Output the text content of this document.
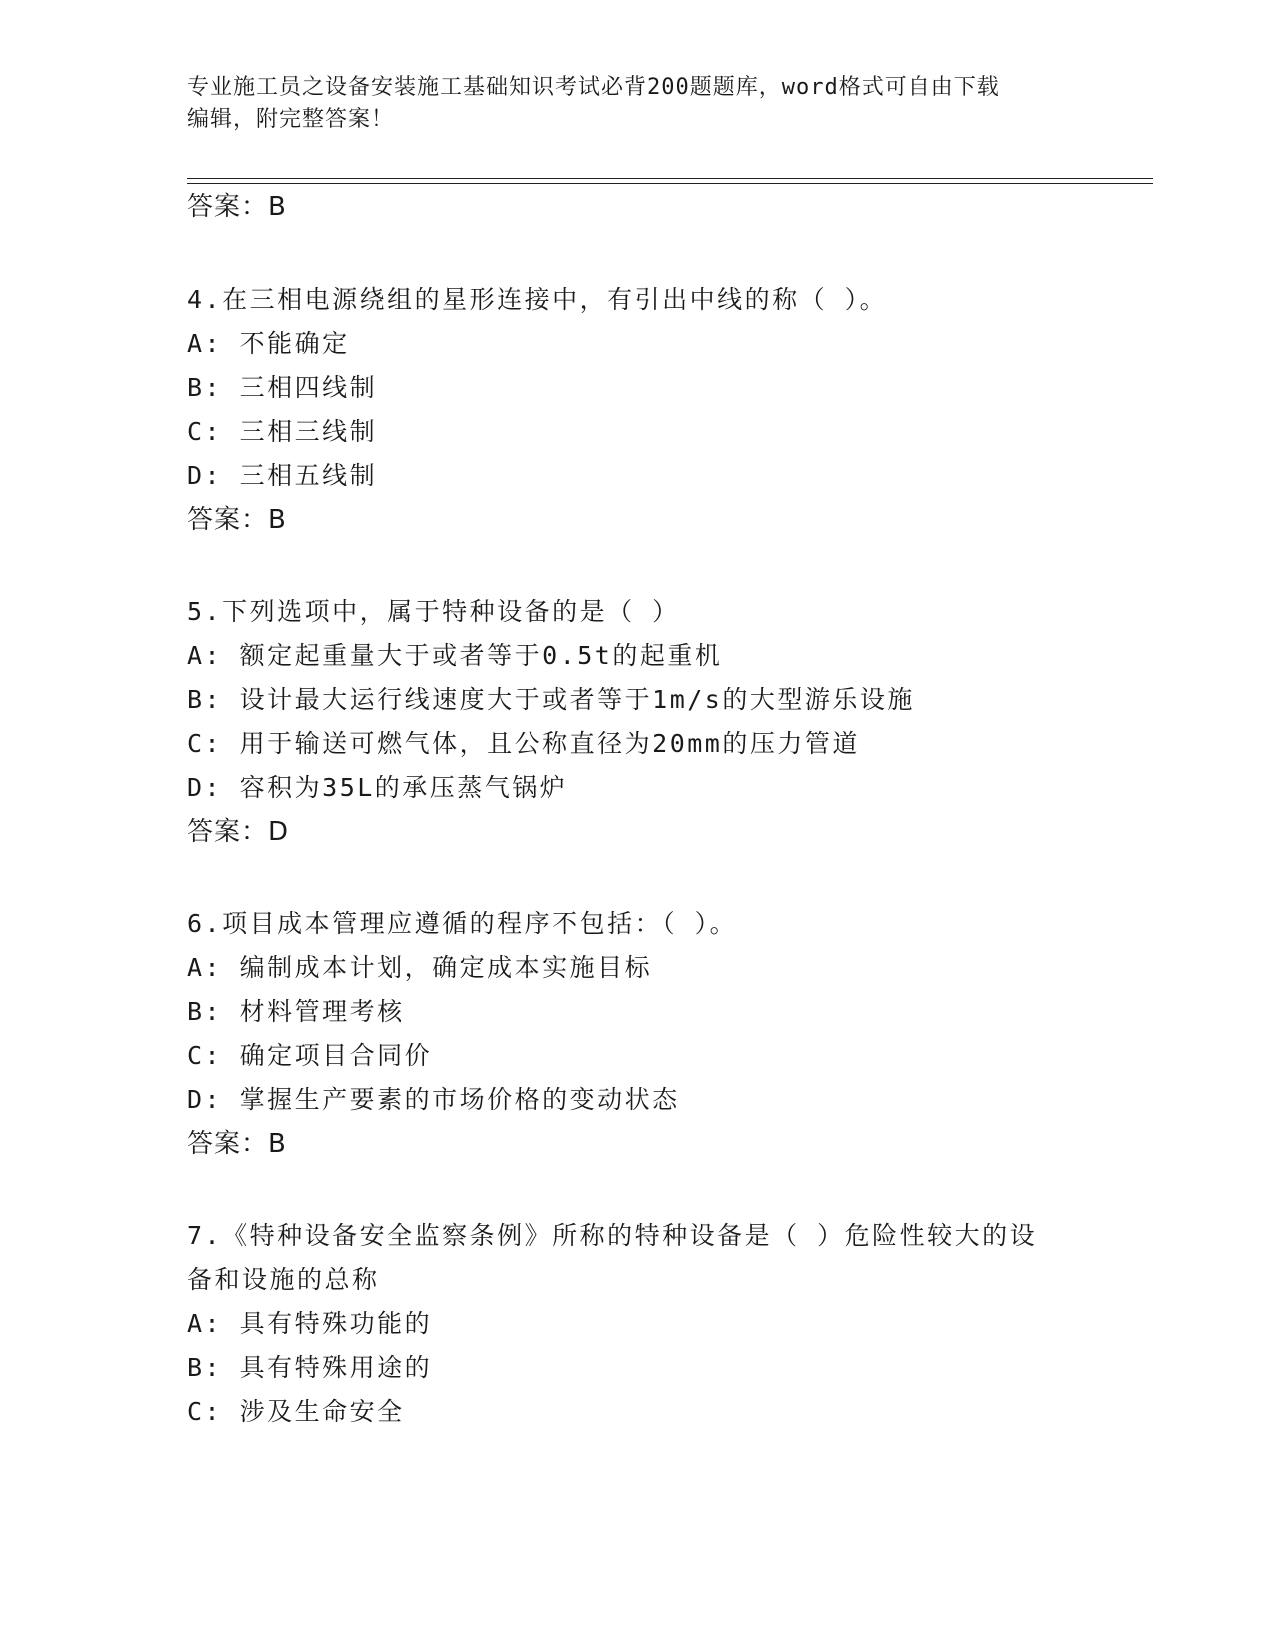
专业施工员之设备安装施工基础知识考试必背200题题库，word格式可自由下载
编辑，附完整答案！
答案：B
4.在三相电源绕组的星形连接中，有引出中线的称（ ）。
A: 不能确定
B: 三相四线制
C: 三相三线制
D: 三相五线制
答案：B
5.下列选项中，属于特种设备的是（ ）
A: 额定起重量大于或者等于0.5t的起重机
B: 设计最大运行线速度大于或者等于1m/s的大型游乐设施
C: 用于输送可燃气体，且公称直径为20mm的压力管道
D: 容积为35L的承压蒸气锅炉
答案：D
6.项目成本管理应遵循的程序不包括：（ ）。
A: 编制成本计划，确定成本实施目标
B: 材料管理考核
C: 确定项目合同价
D: 掌握生产要素的市场价格的变动状态
答案：B
7.《特种设备安全监察条例》所称的特种设备是（ ）危险性较大的设
备和设施的总称
A: 具有特殊功能的
B: 具有特殊用途的
C: 涉及生命安全
